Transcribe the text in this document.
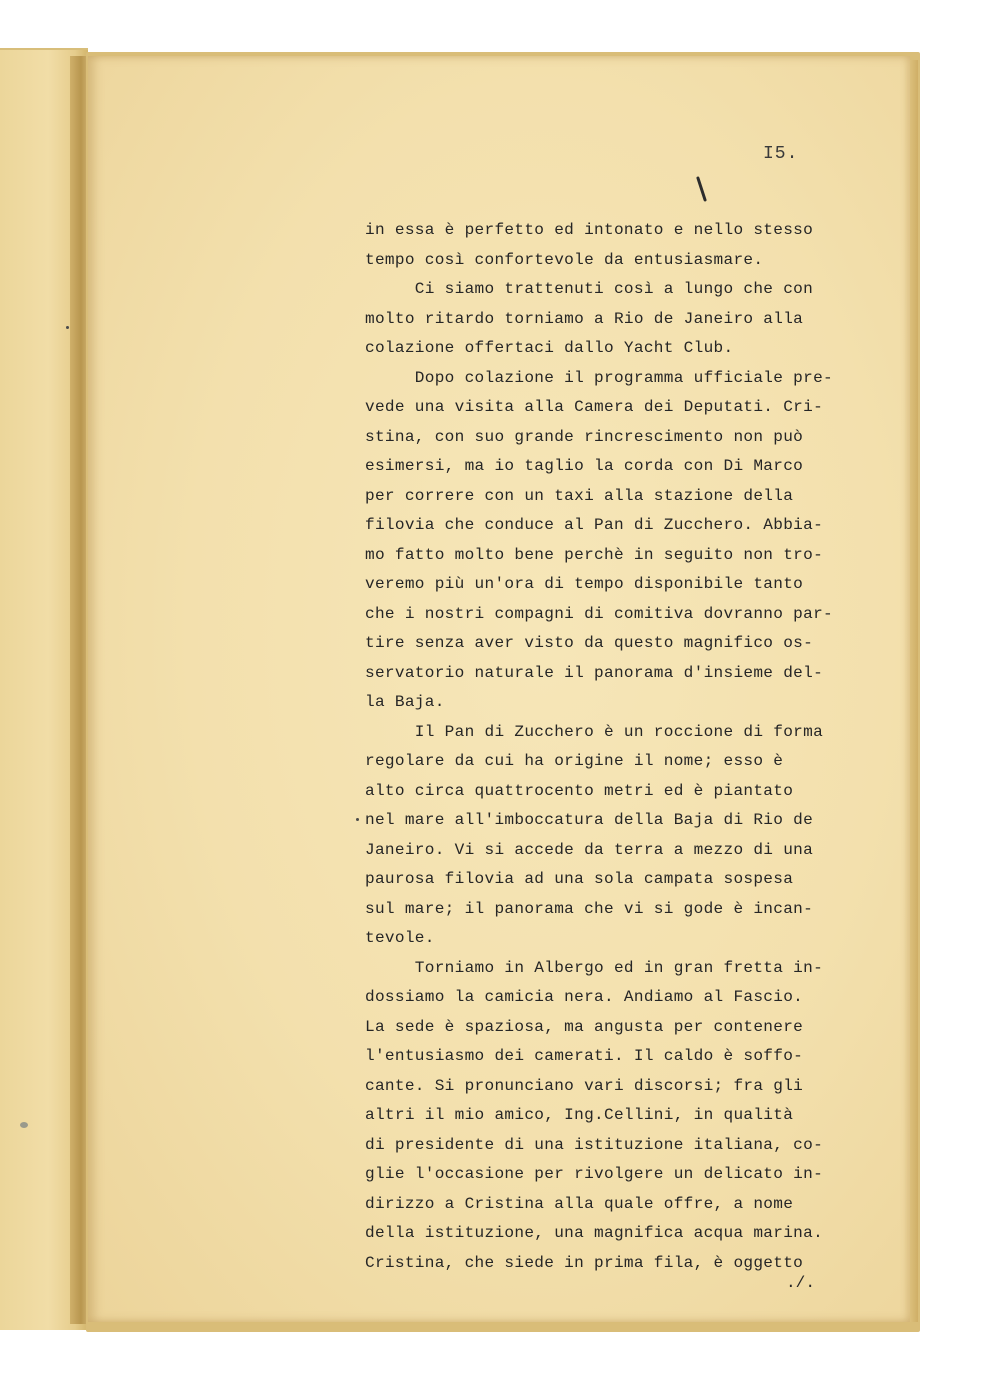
I5.
in essa è perfetto ed intonato e nello stesso
tempo così confortevole da entusiasmare.
Ci siamo trattenuti così a lungo che con
molto ritardo torniamo a Rio de Janeiro alla
colazione offertaci dallo Yacht Club.
Dopo colazione il programma ufficiale pre-
vede una visita alla Camera dei Deputati. Cri-
stina, con suo grande rincrescimento non può
esimersi, ma io taglio la corda con Di Marco
per correre con un taxi alla stazione della
filovia che conduce al Pan di Zucchero. Abbia-
mo fatto molto bene perchè in seguito non tro-
veremo più un'ora di tempo disponibile tanto
che i nostri compagni di comitiva dovranno par-
tire senza aver visto da questo magnifico os-
servatorio naturale il panorama d'insieme del-
la Baja.
Il Pan di Zucchero è un roccione di forma
regolare da cui ha origine il nome; esso è
alto circa quattrocento metri ed è piantato
nel mare all'imboccatura della Baja di Rio de
Janeiro. Vi si accede da terra a mezzo di una
paurosa filovia ad una sola campata sospesa
sul mare; il panorama che vi si gode è incan-
tevole.
Torniamo in Albergo ed in gran fretta in-
dossiamo la camicia nera. Andiamo al Fascio.
La sede è spaziosa, ma angusta per contenere
l'entusiasmo dei camerati. Il caldo è soffo-
cante. Si pronunciano vari discorsi; fra gli
altri il mio amico, Ing.Cellini, in qualità
di presidente di una istituzione italiana, co-
glie l'occasione per rivolgere un delicato in-
dirizzo a Cristina alla quale offre, a nome
della istituzione, una magnifica acqua marina.
Cristina, che siede in prima fila, è oggetto
./.
